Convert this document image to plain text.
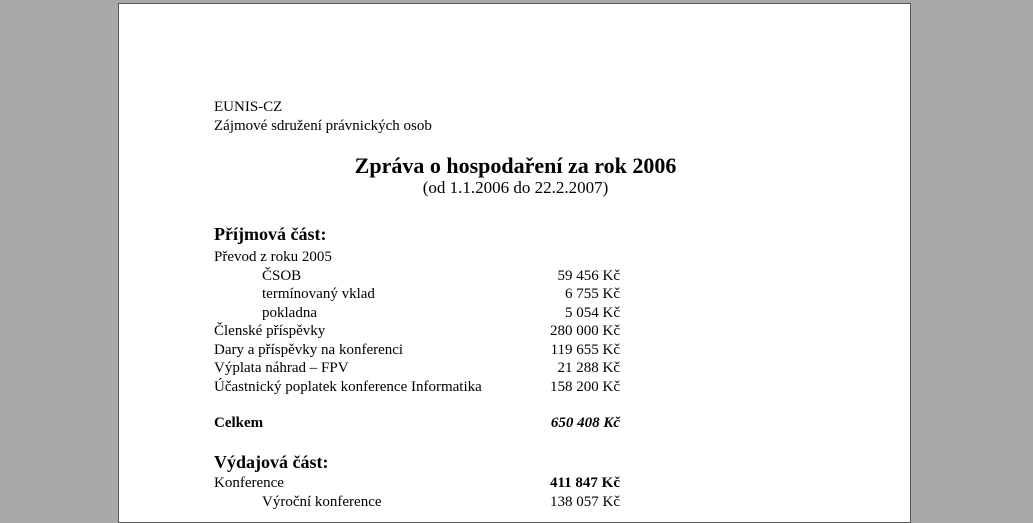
EUNIS-CZ
Zájmové sdružení právnických osob
Zpráva o hospodaření za rok 2006
(od 1.1.2006 do 22.2.2007)
Příjmová část:
Převod z roku 2005
ČSOB	59 456 Kč
termínovaný vklad	6 755 Kč
pokladna	5 054 Kč
Členské příspěvky	280 000 Kč
Dary a příspěvky na konferenci	119 655 Kč
Výplata náhrad – FPV	21 288 Kč
Účastnický poplatek konference Informatika	158 200 Kč
Celkem	650 408 Kč
Výdajová část:
Konference	411 847 Kč
Výroční konference	138 057 Kč
